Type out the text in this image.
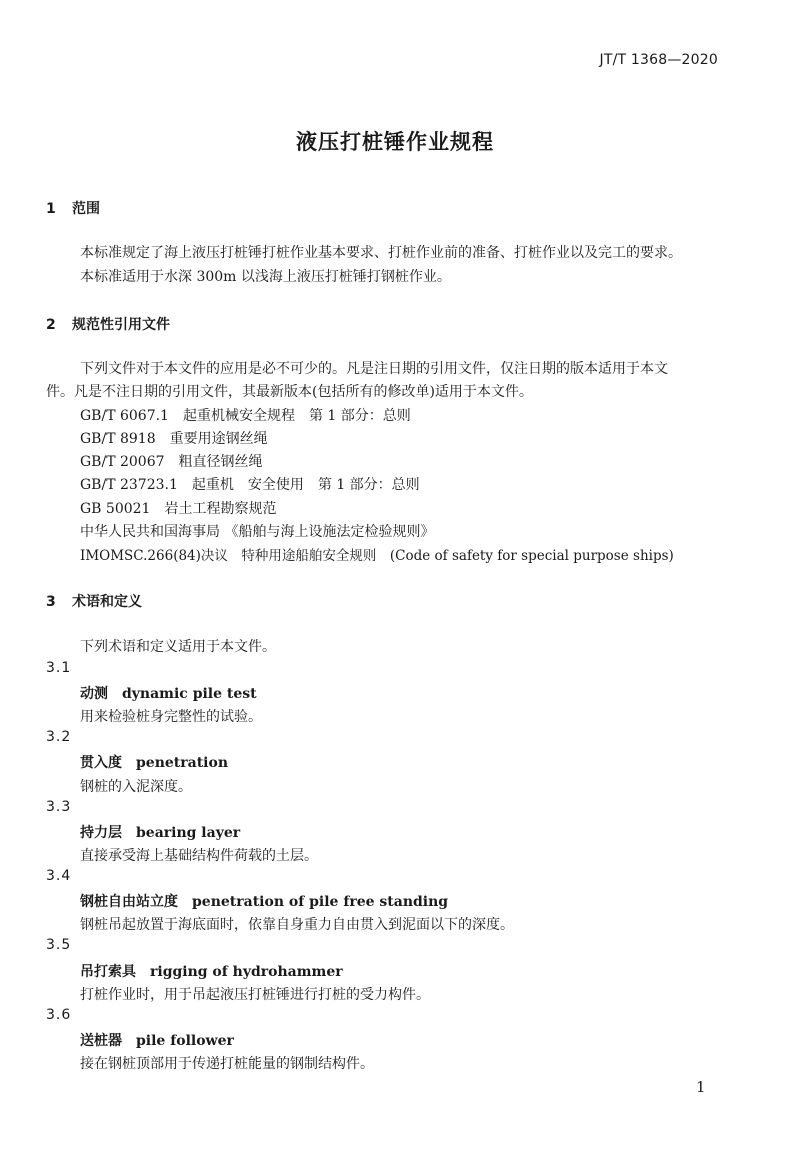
JT/T 1368—2020
液压打桩锤作业规程
1 范围
本标准规定了海上液压打桩锤打桩作业基本要求、打桩作业前的准备、打桩作业以及完工的要求。
本标准适用于水深 300m 以浅海上液压打桩锤打钢桩作业。
2 规范性引用文件
下列文件对于本文件的应用是必不可少的。凡是注日期的引用文件，仅注日期的版本适用于本文
件。凡是不注日期的引用文件，其最新版本(包括所有的修改单)适用于本文件。
GB/T 6067.1　起重机械安全规程　第 1 部分：总则
GB/T 8918　重要用途钢丝绳
GB/T 20067　粗直径钢丝绳
GB/T 23723.1　起重机　安全使用　第 1 部分：总则
GB 50021　岩土工程勘察规范
中华人民共和国海事局 《船舶与海上设施法定检验规则》
IMOMSC.266(84)决议　特种用途船舶安全规则　(Code of safety for special purpose ships)
3 术语和定义
下列术语和定义适用于本文件。
3.1
动测 dynamic pile test
用来检验桩身完整性的试验。
3.2
贯入度 penetration
钢桩的入泥深度。
3.3
持力层 bearing layer
直接承受海上基础结构件荷载的土层。
3.4
钢桩自由站立度 penetration of pile free standing
钢桩吊起放置于海底面时，依靠自身重力自由贯入到泥面以下的深度。
3.5
吊打索具 rigging of hydrohammer
打桩作业时，用于吊起液压打桩锤进行打桩的受力构件。
3.6
送桩器 pile follower
接在钢桩顶部用于传递打桩能量的钢制结构件。
1
